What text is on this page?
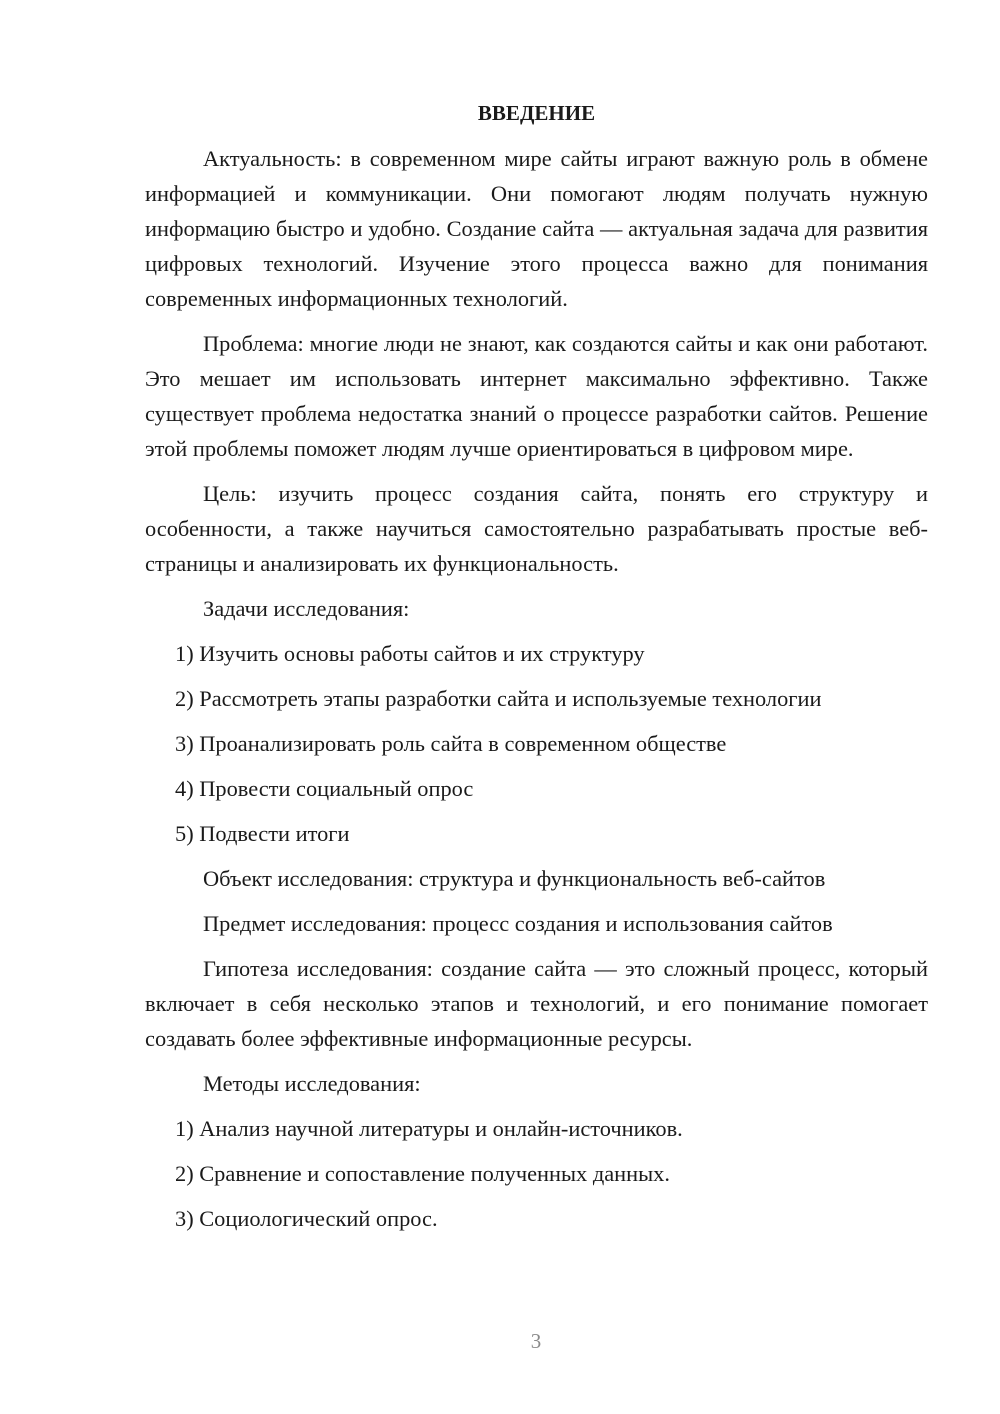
ВВЕДЕНИЕ
Актуальность: в современном мире сайты играют важную роль в обмене информацией и коммуникации. Они помогают людям получать нужную информацию быстро и удобно. Создание сайта — актуальная задача для развития цифровых технологий. Изучение этого процесса важно для понимания современных информационных технологий.
Проблема: многие люди не знают, как создаются сайты и как они работают. Это мешает им использовать интернет максимально эффективно. Также существует проблема недостатка знаний о процессе разработки сайтов. Решение этой проблемы поможет людям лучше ориентироваться в цифровом мире.
Цель: изучить процесс создания сайта, понять его структуру и особенности, а также научиться самостоятельно разрабатывать простые веб-страницы и анализировать их функциональность.
Задачи исследования:
1) Изучить основы работы сайтов и их структуру
2) Рассмотреть этапы разработки сайта и используемые технологии
3) Проанализировать роль сайта в современном обществе
4) Провести социальный опрос
5) Подвести итоги
Объект исследования: структура и функциональность веб-сайтов
Предмет исследования: процесс создания и использования сайтов
Гипотеза исследования: создание сайта — это сложный процесс, который включает в себя несколько этапов и технологий, и его понимание помогает создавать более эффективные информационные ресурсы.
Методы исследования:
1) Анализ научной литературы и онлайн-источников.
2) Сравнение и сопоставление полученных данных.
3) Социологический опрос.
3
